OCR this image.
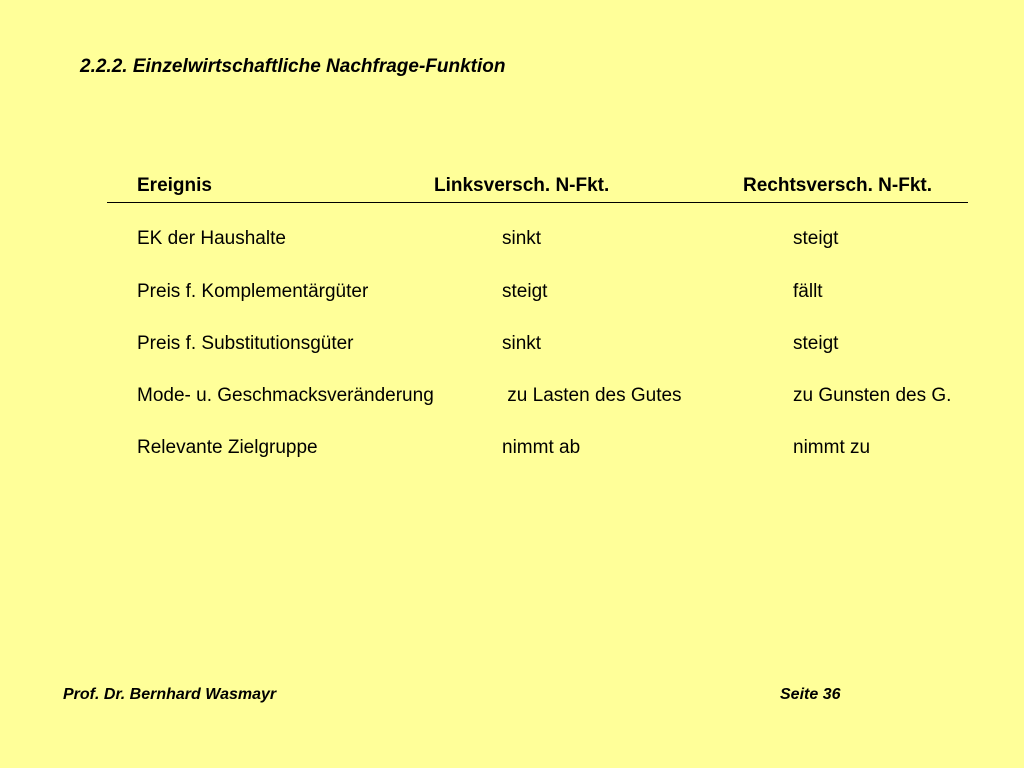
2.2.2. Einzelwirtschaftliche Nachfrage-Funktion
Ereignis	Linksversch. N-Fkt.	Rechtsversch. N-Fkt.
EK der Haushalte	sinkt	steigt
Preis f. Komplementärgüter	steigt	fällt
Preis f. Substitutionsgüter	sinkt	steigt
Mode- u. Geschmacksveränderung	zu Lasten des Gutes	zu Gunsten des G.
Relevante Zielgruppe	nimmt ab	nimmt zu
Prof. Dr. Bernhard Wasmayr	Seite 36
